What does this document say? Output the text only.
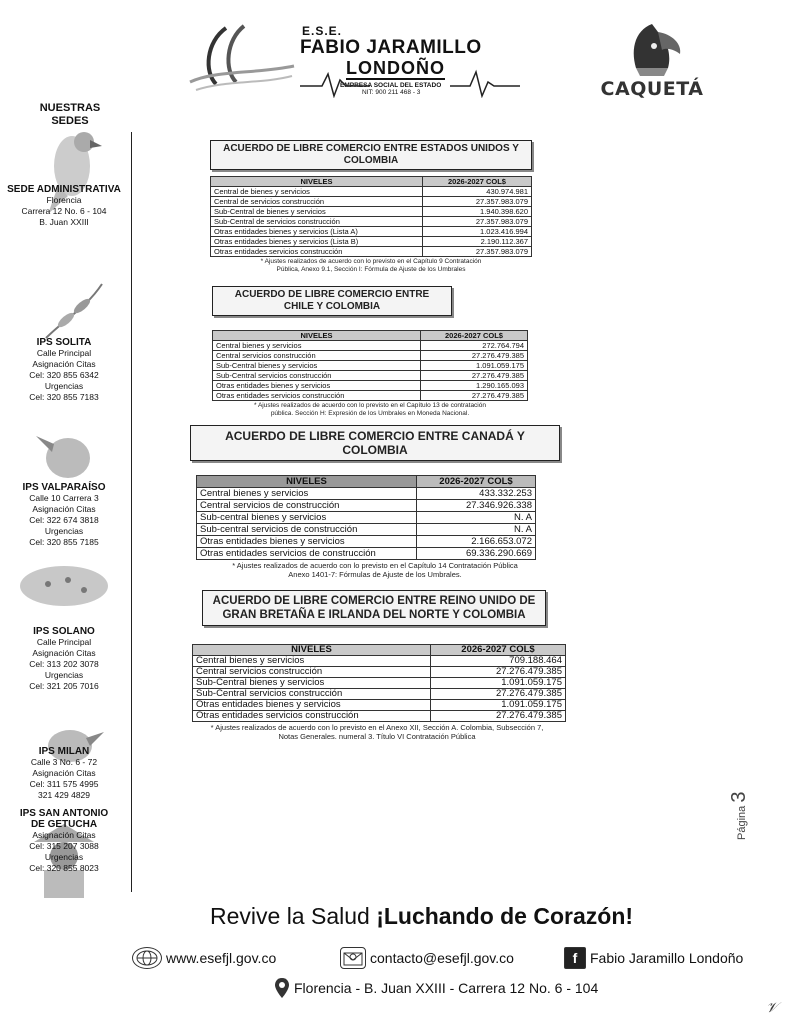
E.S.E.
FABIO JARAMILLO
LONDOÑO
EMPRESA SOCIAL DEL ESTADO
NIT: 900 211 468 - 3	CAQUETÁ
NUESTRAS SEDES
SEDE ADMINISTRATIVA
Florencia
Carrera 12 No. 6 - 104
B. Juan XXIII
IPS SOLITA
Calle Principal
Asignación Citas
Cel: 320 855 6342
Urgencias
Cel: 320 855 7183
IPS VALPARAÍSO
Calle 10 Carrera 3
Asignación Citas
Cel: 322 674 3818
Urgencias
Cel: 320 855 7185
IPS SOLANO
Calle Principal
Asignación Citas
Cel: 313 202 3078
Urgencias
Cel: 321 205 7016
IPS MILAN
Calle 3 No. 6 - 72
Asignación Citas
Cel: 311 575 4995
321 429 4829
IPS SAN ANTONIO DE GETUCHA
Asignación Citas
Cel: 315 207 3088
Urgencias
Cel: 320 855 8023
ACUERDO DE LIBRE COMERCIO ENTRE ESTADOS UNIDOS Y COLOMBIA
NIVELES	2026-2027 COL$
Central de bienes y servicios	430.974.981
Central de servicios construcción	27.357.983.079
Sub-Central de bienes y servicios	1.940.398.620
Sub-Central de servicios construcción	27.357.983.079
Otras entidades bienes y servicios (Lista A)	1.023.416.994
Otras entidades bienes y servicios (Lista B)	2.190.112.367
Otras entidades servicios construcción	27.357.983.079
* Ajustes realizados de acuerdo con lo previsto en el Capítulo 9 Contratación Pública, Anexo 9.1, Sección I: Fórmula de Ajuste de los Umbrales
ACUERDO DE LIBRE COMERCIO ENTRE CHILE Y COLOMBIA
NIVELES	2026-2027 COL$
Central bienes y servicios	272.764.794
Central servicios construcción	27.276.479.385
Sub-Central bienes y servicios	1.091.059.175
Sub-Central servicios construcción	27.276.479.385
Otras entidades bienes y servicios	1.290.165.093
Otras entidades servicios construcción	27.276.479.385
* Ajustes realizados de acuerdo con lo previsto en el Capítulo 13 de contratación pública. Sección H: Expresión de los Umbrales en Moneda Nacional.
ACUERDO DE LIBRE COMERCIO ENTRE CANADÁ Y COLOMBIA
NIVELES	2026-2027 COL$
Central bienes y servicios	433.332.253
Central servicios de construcción	27.346.926.338
Sub-central bienes y servicios	N. A
Sub-central servicios de construcción	N. A
Otras entidades bienes y servicios	2.166.653.072
Otras entidades servicios de construcción	69.336.290.669
* Ajustes realizados de acuerdo con lo previsto en el Capítulo 14 Contratación Pública Anexo 1401-7: Fórmulas de Ajuste de los Umbrales.
ACUERDO DE LIBRE COMERCIO ENTRE REINO UNIDO DE GRAN BRETAÑA E IRLANDA DEL NORTE Y COLOMBIA
NIVELES	2026-2027 COL$
Central bienes y servicios	709.188.464
Central servicios construcción	27.276.479.385
Sub-Central bienes y servicios	1.091.059.175
Sub-Central servicios construcción	27.276.479.385
Otras entidades bienes y servicios	1.091.059.175
Otras entidades servicios construcción	27.276.479.385
* Ajustes realizados de acuerdo con lo previsto en el Anexo XII, Sección A. Colombia, Subsección 7, Notas Generales. numeral 3. Título VI Contratación Pública
Página 3
Revive la Salud ¡Luchando de Corazón!
www.esefjl.gov.co	contacto@esefjl.gov.co	f Fabio Jaramillo Londoño
Florencia - B. Juan XXIII - Carrera 12 No. 6 - 104
𝒱
